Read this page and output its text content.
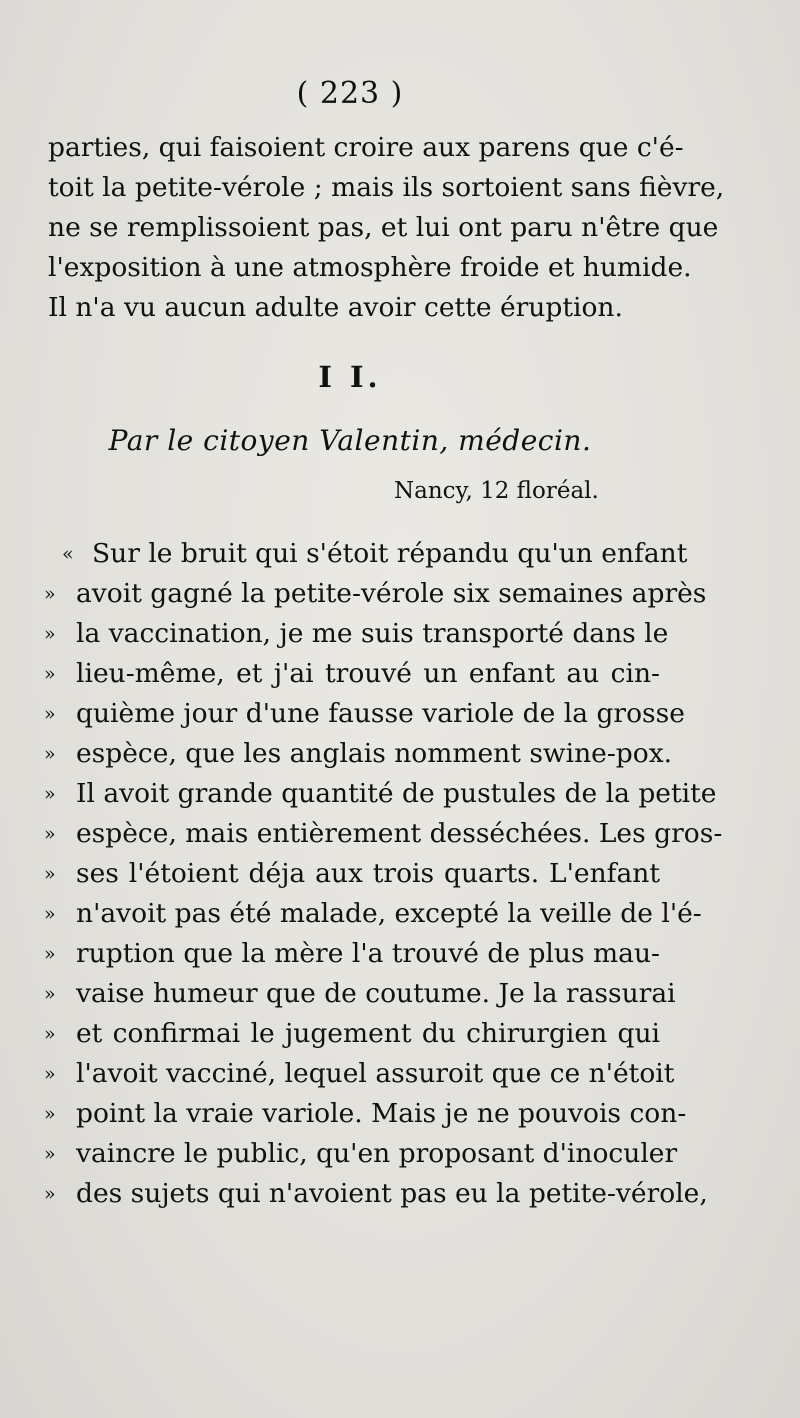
( 223 )
parties, qui faisoient croire aux parens que c'é-
toit la petite-vérole ; mais ils sortoient sans fièvre,
ne se remplissoient pas, et lui ont paru n'être que
l'exposition à une atmosphère froide et humide.
Il n'a vu aucun adulte avoir cette éruption.
I I.
Par le citoyen Valentin, médecin.
Nancy, 12 floréal.
« Sur le bruit qui s'étoit répandu qu'un enfant
» avoit gagné la petite-vérole six semaines après
» la vaccination, je me suis transporté dans le
» lieu-même, et j'ai trouvé un enfant au cin-
» quième jour d'une fausse variole de la grosse
» espèce, que les anglais nomment swine-pox.
» Il avoit grande quantité de pustules de la petite
» espèce, mais entièrement desséchées. Les gros-
» ses l'étoient déja aux trois quarts. L'enfant
» n'avoit pas été malade, excepté la veille de l'é-
» ruption que la mère l'a trouvé de plus mau-
» vaise humeur que de coutume. Je la rassurai
» et confirmai le jugement du chirurgien qui
» l'avoit vacciné, lequel assuroit que ce n'étoit
» point la vraie variole. Mais je ne pouvois con-
» vaincre le public, qu'en proposant d'inoculer
» des sujets qui n'avoient pas eu la petite-vérole,
